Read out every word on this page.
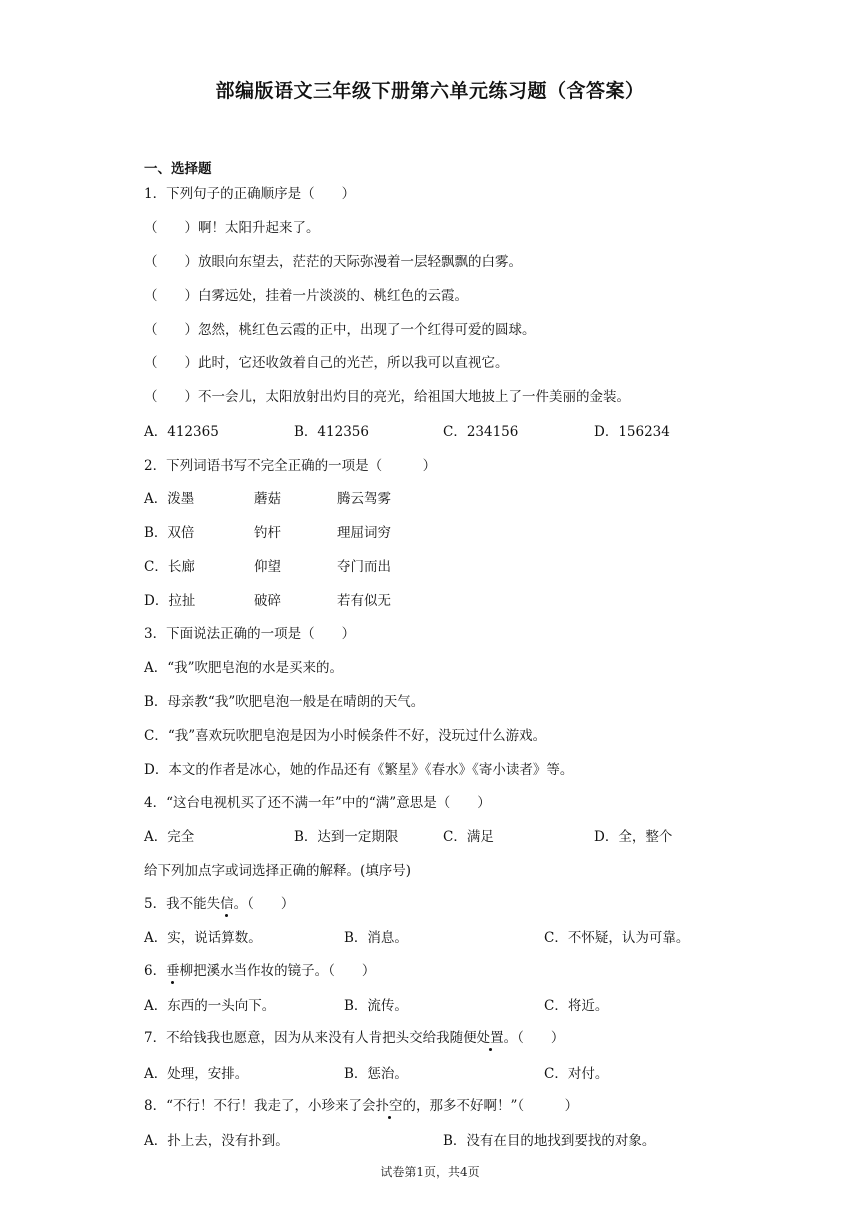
部编版语文三年级下册第六单元练习题（含答案）
一、选择题
1．下列句子的正确顺序是（　　）
（　　）啊！太阳升起来了。
（　　）放眼向东望去，茫茫的天际弥漫着一层轻飘飘的白雾。
（　　）白雾远处，挂着一片淡淡的、桃红色的云霞。
（　　）忽然，桃红色云霞的正中，出现了一个红得可爱的圆球。
（　　）此时，它还收敛着自己的光芒，所以我可以直视它。
（　　）不一会儿，太阳放射出灼目的亮光，给祖国大地披上了一件美丽的金装。
A．412365	B．412356	C．234156	D．156234
2．下列词语书写不完全正确的一项是（　　　）
A．泼墨	蘑菇	腾云驾雾
B．双倍	钓杆	理屈词穷
C．长廊	仰望	夺门而出
D．拉扯	破碎	若有似无
3．下面说法正确的一项是（　　）
A．“我”吹肥皂泡的水是买来的。
B．母亲教“我”吹肥皂泡一般是在晴朗的天气。
C．“我”喜欢玩吹肥皂泡是因为小时候条件不好，没玩过什么游戏。
D．本文的作者是冰心，她的作品还有《繁星》《春水》《寄小读者》等。
4．“这台电视机买了还不满一年”中的“满”意思是（　　）
A．完全	B．达到一定期限	C．满足	D．全，整个
给下列加点字或词选择正确的解释。(填序号)
5．我不能失信。（　　）
A．实，说话算数。	B．消息。	C．不怀疑，认为可靠。
6．垂柳把溪水当作妆的镜子。（　　）
A．东西的一头向下。	B．流传。	C．将近。
7．不给钱我也愿意，因为从来没有人肯把头交给我随便处置。（　　）
A．处理，安排。	B．惩治。	C．对付。
8．“不行！不行！我走了，小珍来了会扑空的，那多不好啊！”（　　　）
A．扑上去，没有扑到。	B．没有在目的地找到要找的对象。
试卷第1页，共4页
